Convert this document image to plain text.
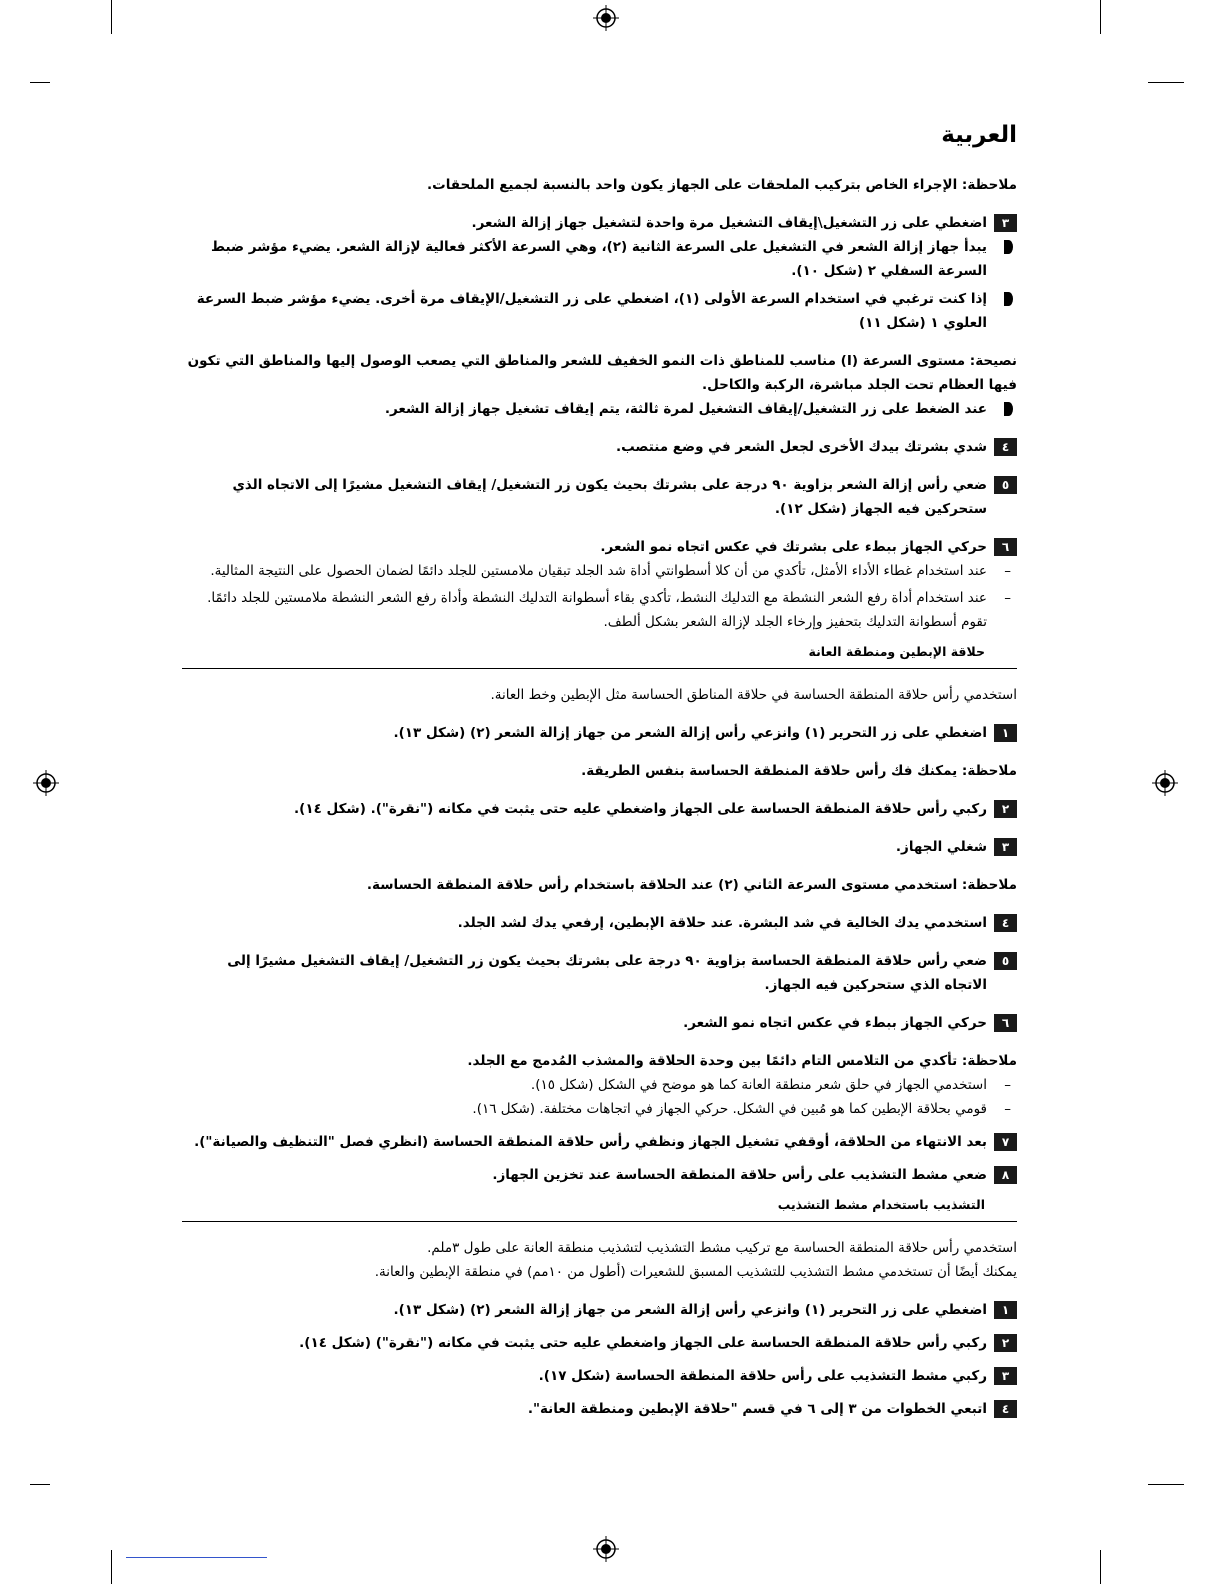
العربية

ملاحظة: الإجراء الخاص بتركيب الملحقات على الجهاز يكون واحد بالنسبة لجميع الملحقات.

٣
اضغطي على زر التشغيل\إيقاف التشغيل مرة واحدة لتشغيل جهاز إزالة الشعر.
يبدأ جهاز إزالة الشعر في التشغيل على السرعة الثانية (٢)، وهي السرعة الأكثر فعالية لإزالة الشعر. يضيء مؤشر ضبط السرعة السفلي ٢ (شكل ١٠).
إذا كنت ترغبي في استخدام السرعة الأولى (١)، اضغطي على زر التشغيل/الإيقاف مرة أخرى. يضيء مؤشر ضبط السرعة العلوي ١ (شكل ١١)

نصيحة: مستوى السرعة (I) مناسب للمناطق ذات النمو الخفيف للشعر والمناطق التي يصعب الوصول إليها والمناطق التي تكون فيها العظام تحت الجلد مباشرة، الركبة والكاحل.

عند الضغط على زر التشغيل/إيقاف التشغيل لمرة ثالثة، يتم إيقاف تشغيل جهاز إزالة الشعر.
٤
شدي بشرتك بيدك الأخرى لجعل الشعر في وضع منتصب.
٥
ضعي رأس إزالة الشعر بزاوية ٩٠ درجة على بشرتك بحيث يكون زر التشغيل/ إيقاف التشغيل مشيرًا إلى الاتجاه الذي ستحركين فيه الجهاز (شكل ١٢).
٦
حركي الجهاز ببطء على بشرتك في عكس اتجاه نمو الشعر.
–
عند استخدام غطاء الأداء الأمثل، تأكدي من أن كلا أسطوانتي أداة شد الجلد تبقيان ملامستين للجلد دائمًا لضمان الحصول على النتيجة المثالية.
–
عند استخدام أداة رفع الشعر النشطة مع التدليك النشط، تأكدي بقاء أسطوانة التدليك النشطة وأداة رفع الشعر النشطة ملامستين للجلد دائمًا. تقوم أسطوانة التدليك بتحفيز وإرخاء الجلد لإزالة الشعر بشكل ألطف.
حلاقة الإبطين ومنطقة العانة

استخدمي رأس حلاقة المنطقة الحساسة في حلاقة المناطق الحساسة مثل الإبطين وخط العانة.

١
اضغطي على زر التحرير (١) وانزعي رأس إزالة الشعر من جهاز إزالة الشعر (٢) (شكل ١٣).

ملاحظة: يمكنك فك رأس حلاقة المنطقة الحساسة بنفس الطريقة.

٢
ركبي رأس حلاقة المنطقة الحساسة على الجهاز واضغطي عليه حتى يثبت في مكانه ("نقرة"). (شكل ١٤).
٣
شغلي الجهاز.

ملاحظة: استخدمي مستوى السرعة الثاني (٢) عند الحلاقة باستخدام رأس حلاقة المنطقة الحساسة.

٤
استخدمي يدك الخالية في شد البشرة. عند حلاقة الإبطين، إرفعي يدك لشد الجلد.
٥
ضعي رأس حلاقة المنطقة الحساسة بزاوية ٩٠ درجة على بشرتك بحيث يكون زر التشغيل/ إيقاف التشغيل مشيرًا إلى الاتجاه الذي ستحركين فيه الجهاز.
٦
حركي الجهاز ببطء في عكس اتجاه نمو الشعر.

ملاحظة: تأكدي من التلامس التام دائمًا بين وحدة الحلاقة والمشذب المُدمج مع الجلد.

–
استخدمي الجهاز في حلق شعر منطقة العانة كما هو موضح في الشكل (شكل ١٥).
–
قومي بحلاقة الإبطين كما هو مُبين في الشكل. حركي الجهاز في اتجاهات مختلفة. (شكل ١٦).
٧
بعد الانتهاء من الحلاقة، أوقفي تشغيل الجهاز ونظفي رأس حلاقة المنطقة الحساسة (انظري فصل "التنظيف والصيانة").
٨
ضعي مشط التشذيب على رأس حلاقة المنطقة الحساسة عند تخزين الجهاز.
التشذيب باستخدام مشط التشذيب

استخدمي رأس حلاقة المنطقة الحساسة مع تركيب مشط التشذيب لتشذيب منطقة العانة على طول ٣ملم.

يمكنك أيضًا أن تستخدمي مشط التشذيب للتشذيب المسبق للشعيرات (أطول من ١٠مم) في منطقة الإبطين والعانة.

١
اضغطي على زر التحرير (١) وانزعي رأس إزالة الشعر من جهاز إزالة الشعر (٢) (شكل ١٣).
٢
ركبي رأس حلاقة المنطقة الحساسة على الجهاز واضغطي عليه حتى يثبت في مكانه ("نقرة") (شكل ١٤).
٣
ركبي مشط التشذيب على رأس حلاقة المنطقة الحساسة (شكل ١٧).
٤
اتبعي الخطوات من ٣ إلى ٦ في قسم "حلاقة الإبطين ومنطقة العانة".
